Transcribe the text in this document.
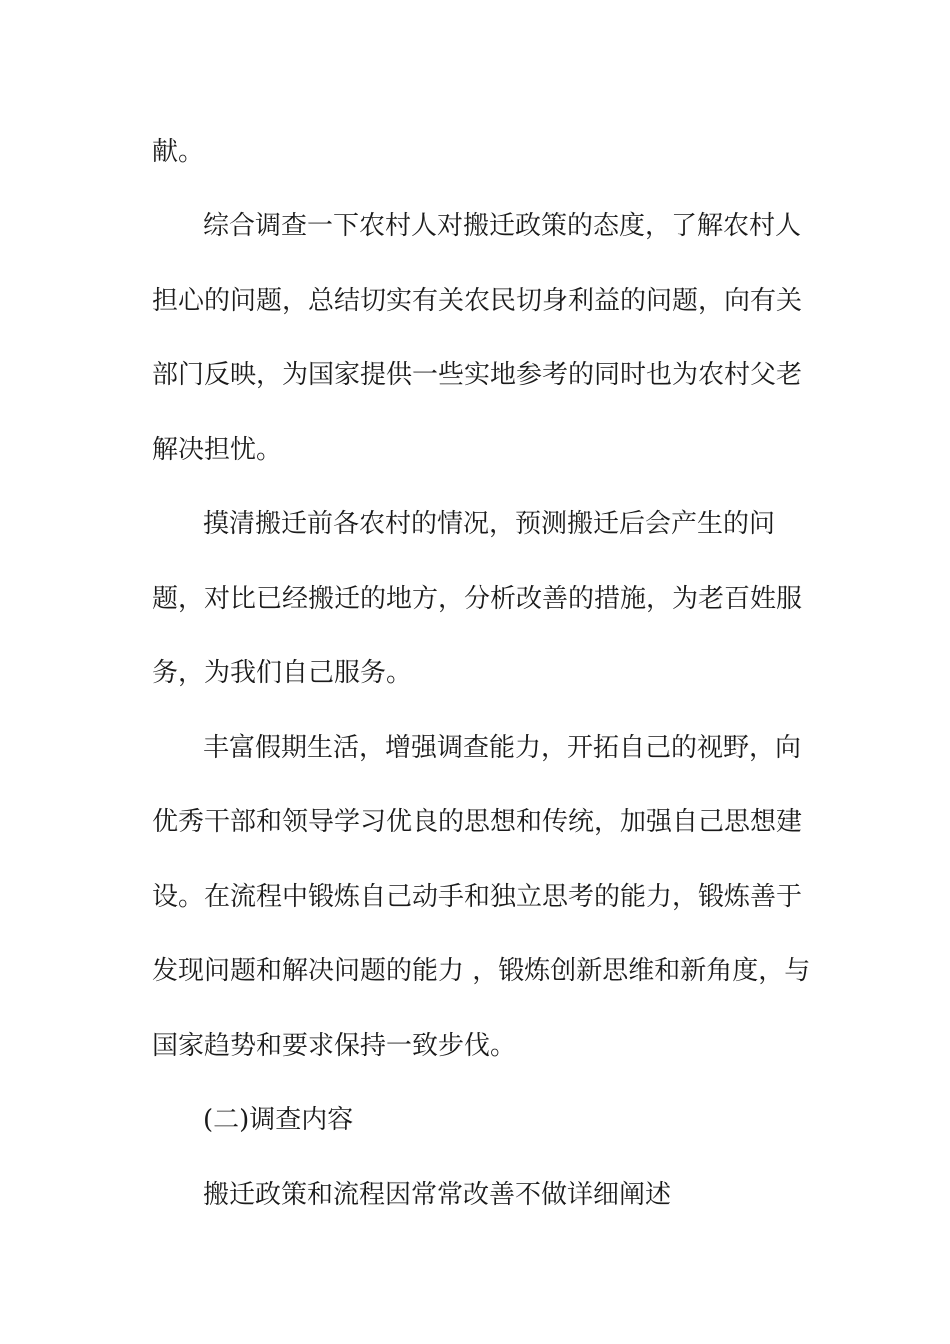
献。
综合调查一下农村人对搬迁政策的态度，了解农村人
担心的问题，总结切实有关农民切身利益的问题，向有关
部门反映，为国家提供一些实地参考的同时也为农村父老
解决担忧。
摸清搬迁前各农村的情况，预测搬迁后会产生的问
题，对比已经搬迁的地方，分析改善的措施，为老百姓服
务，为我们自己服务。
丰富假期生活，增强调查能力，开拓自己的视野，向
优秀干部和领导学习优良的思想和传统，加强自己思想建
设。在流程中锻炼自己动手和独立思考的能力，锻炼善于
发现问题和解决问题的能力 ，锻炼创新思维和新角度，与
国家趋势和要求保持一致步伐。
(二)调查内容
搬迁政策和流程因常常改善不做详细阐述
